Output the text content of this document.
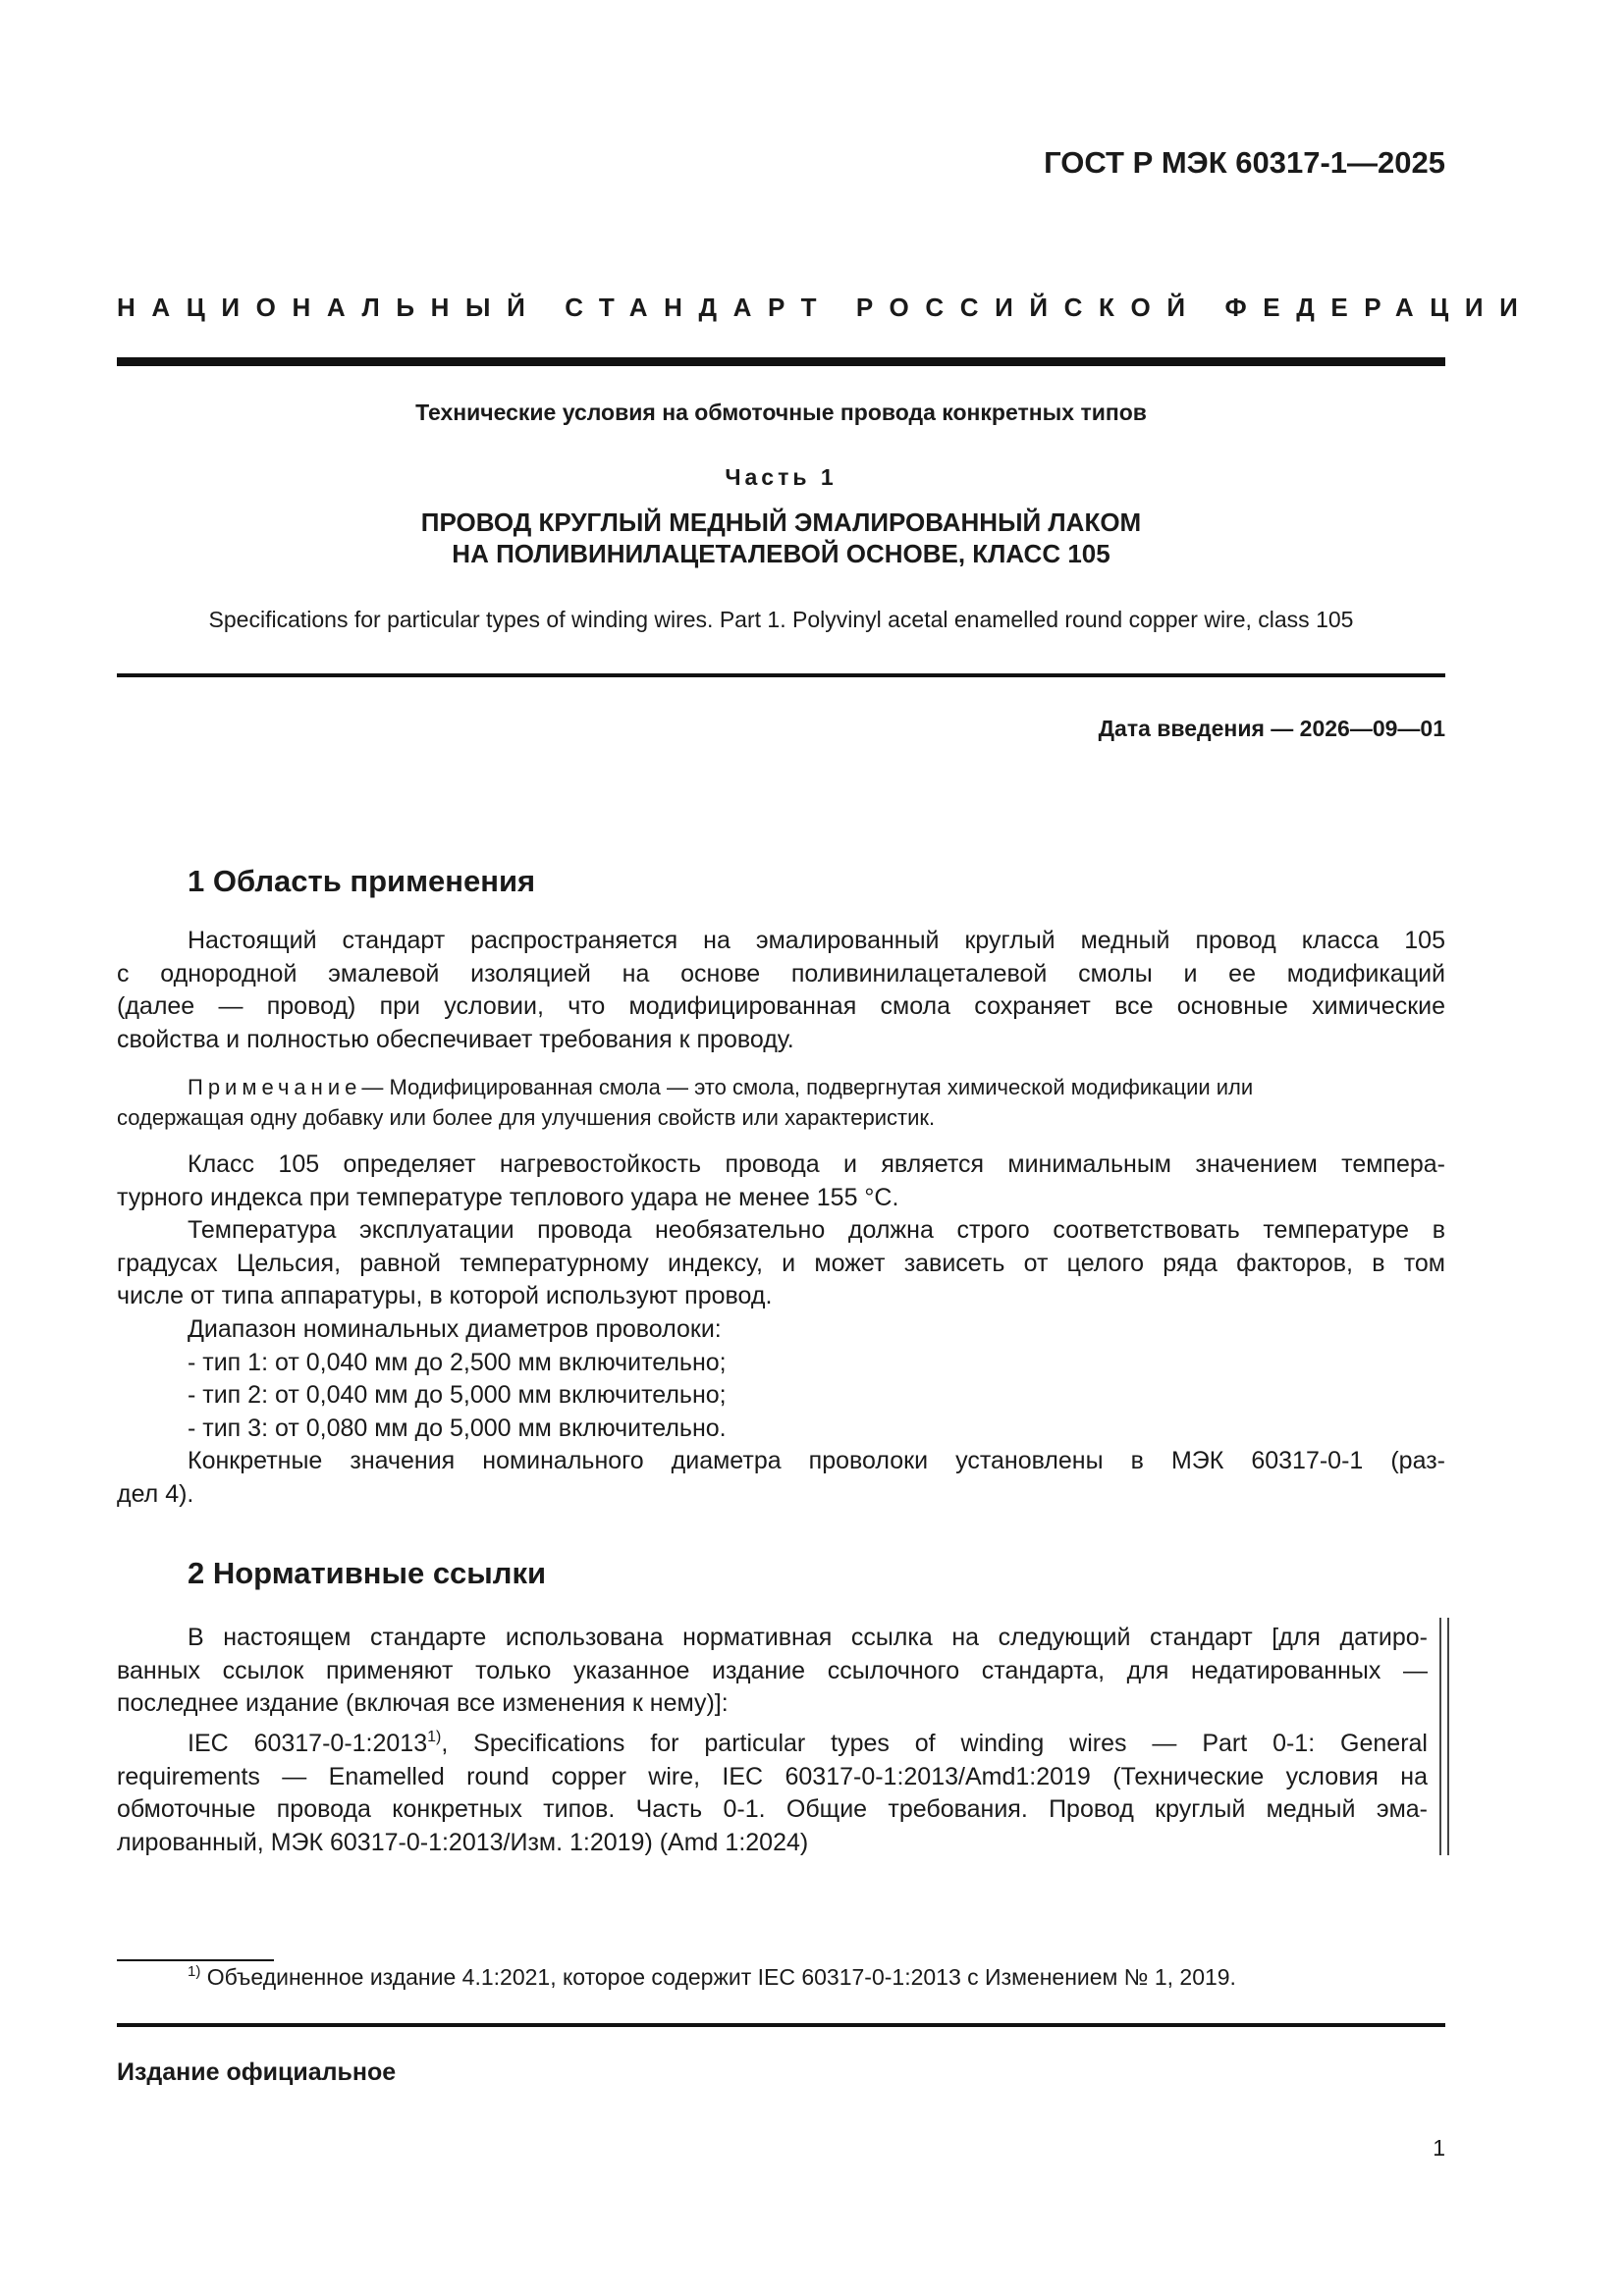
ГОСТ Р МЭК 60317-1—2025
НАЦИОНАЛЬНЫЙ СТАНДАРТ РОССИЙСКОЙ ФЕДЕРАЦИИ
Технические условия на обмоточные провода конкретных типов
Часть 1
ПРОВОД КРУГЛЫЙ МЕДНЫЙ ЭМАЛИРОВАННЫЙ ЛАКОМ
НА ПОЛИВИНИЛАЦЕТАЛЕВОЙ ОСНОВЕ, КЛАСС 105
Specifications for particular types of winding wires. Part 1. Polyvinyl acetal enamelled round copper wire, class 105
Дата введения — 2026—09—01
1 Область применения
Настоящий стандарт распространяется на эмалированный круглый медный провод класса 105
с однородной эмалевой изоляцией на основе поливинилацеталевой смолы и ее модификаций
(далее — провод) при условии, что модифицированная смола сохраняет все основные химические
свойства и полностью обеспечивает требования к проводу.
Примечание — Модифицированная смола — это смола, подвергнутая химической модификации или
содержащая одну добавку или более для улучшения свойств или характеристик.
Класс 105 определяет нагревостойкость провода и является минимальным значением темпера-
турного индекса при температуре теплового удара не менее 155 °С.
Температура эксплуатации провода необязательно должна строго соответствовать температуре в
градусах Цельсия, равной температурному индексу, и может зависеть от целого ряда факторов, в том
числе от типа аппаратуры, в которой используют провод.
Диапазон номинальных диаметров проволоки:
- тип 1: от 0,040 мм до 2,500 мм включительно;
- тип 2: от 0,040 мм до 5,000 мм включительно;
- тип 3: от 0,080 мм до 5,000 мм включительно.
Конкретные значения номинального диаметра проволоки установлены в МЭК 60317-0-1 (раз-
дел 4).
2 Нормативные ссылки
В настоящем стандарте использована нормативная ссылка на следующий стандарт [для датиро-
ванных ссылок применяют только указанное издание ссылочного стандарта, для недатированных —
последнее издание (включая все изменения к нему)]:
IEC 60317-0-1:2013$^{1)}$, Specifications for particular types of winding wires — Part 0-1: General
requirements — Enamelled round copper wire, IEC 60317-0-1:2013/Amd1:2019 (Технические условия на
обмоточные провода конкретных типов. Часть 0-1. Общие требования. Провод круглый медный эма-
лированный, МЭК 60317-0-1:2013/Изм. 1:2019) (Amd 1:2024)
$^{1)}$ Объединенное издание 4.1:2021, которое содержит IEC 60317-0-1:2013 с Изменением № 1, 2019.
Издание официальное
1
